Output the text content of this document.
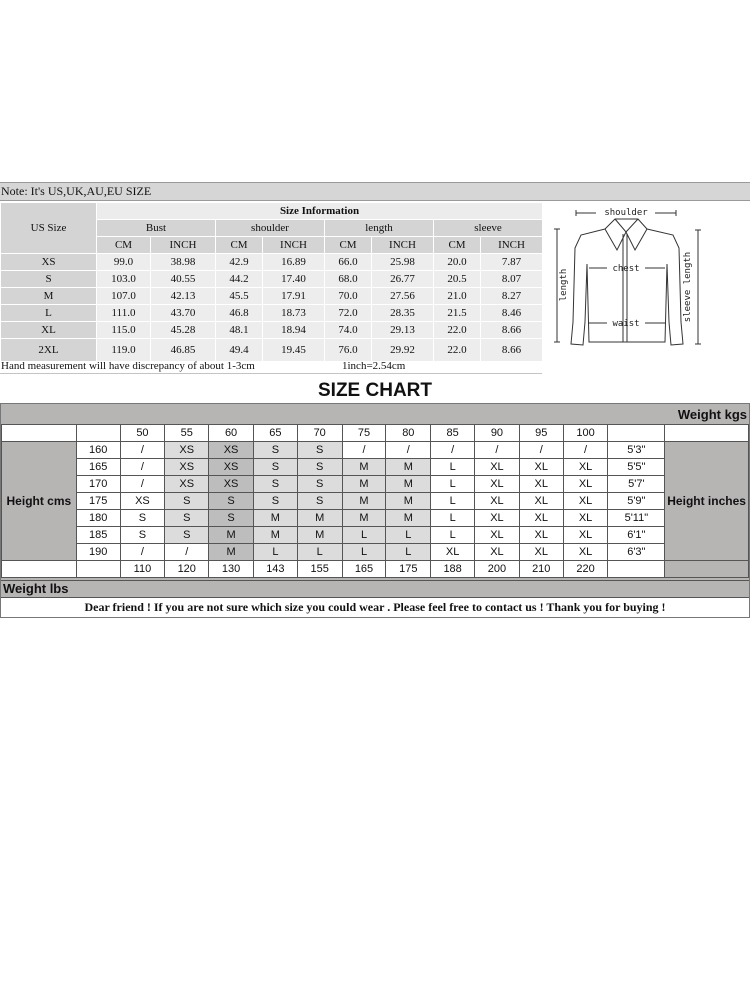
Note: It's US,UK,AU,EU SIZE
US Size	Size Information							
	Bust		shoulder		length		sleeve	
	CM	INCH	CM	INCH	CM	INCH	CM	INCH
XS	99.0	38.98	42.9	16.89	66.0	25.98	20.0	7.87
S	103.0	40.55	44.2	17.40	68.0	26.77	20.5	8.07
M	107.0	42.13	45.5	17.91	70.0	27.56	21.0	8.27
L	111.0	43.70	46.8	18.73	72.0	28.35	21.5	8.46
XL	115.0	45.28	48.1	18.94	74.0	29.13	22.0	8.66
2XL	119.0	46.85	49.4	19.45	76.0	29.92	22.0	8.66
shoulder
chest
waist
length	sleeve length
Hand measurement will have discrepancy of about 1-3cm	1inch=2.54cm
SIZE CHART
Weight kgs
		50	55	60	65	70	75	80	85	90	95	100		
Height cms	160	/	XS	XS	S	S	/	/	/	/	/	/	5'3"	Height inches
	165	/	XS	XS	S	S	M	M	L	XL	XL	XL	5'5"	
	170	/	XS	XS	S	S	M	M	L	XL	XL	XL	5'7'	
	175	XS	S	S	S	S	M	M	L	XL	XL	XL	5'9"	
	180	S	S	S	M	M	M	M	L	XL	XL	XL	5'11"	
	185	S	S	M	M	M	L	L	L	XL	XL	XL	6'1"	
	190	/	/	M	L	L	L	L	XL	XL	XL	XL	6'3"	
		110	120	130	143	155	165	175	188	200	210	220		
Weight lbs
Dear friend ! If you are not sure which size you could wear . Please feel free to contact us ! Thank you for buying !
